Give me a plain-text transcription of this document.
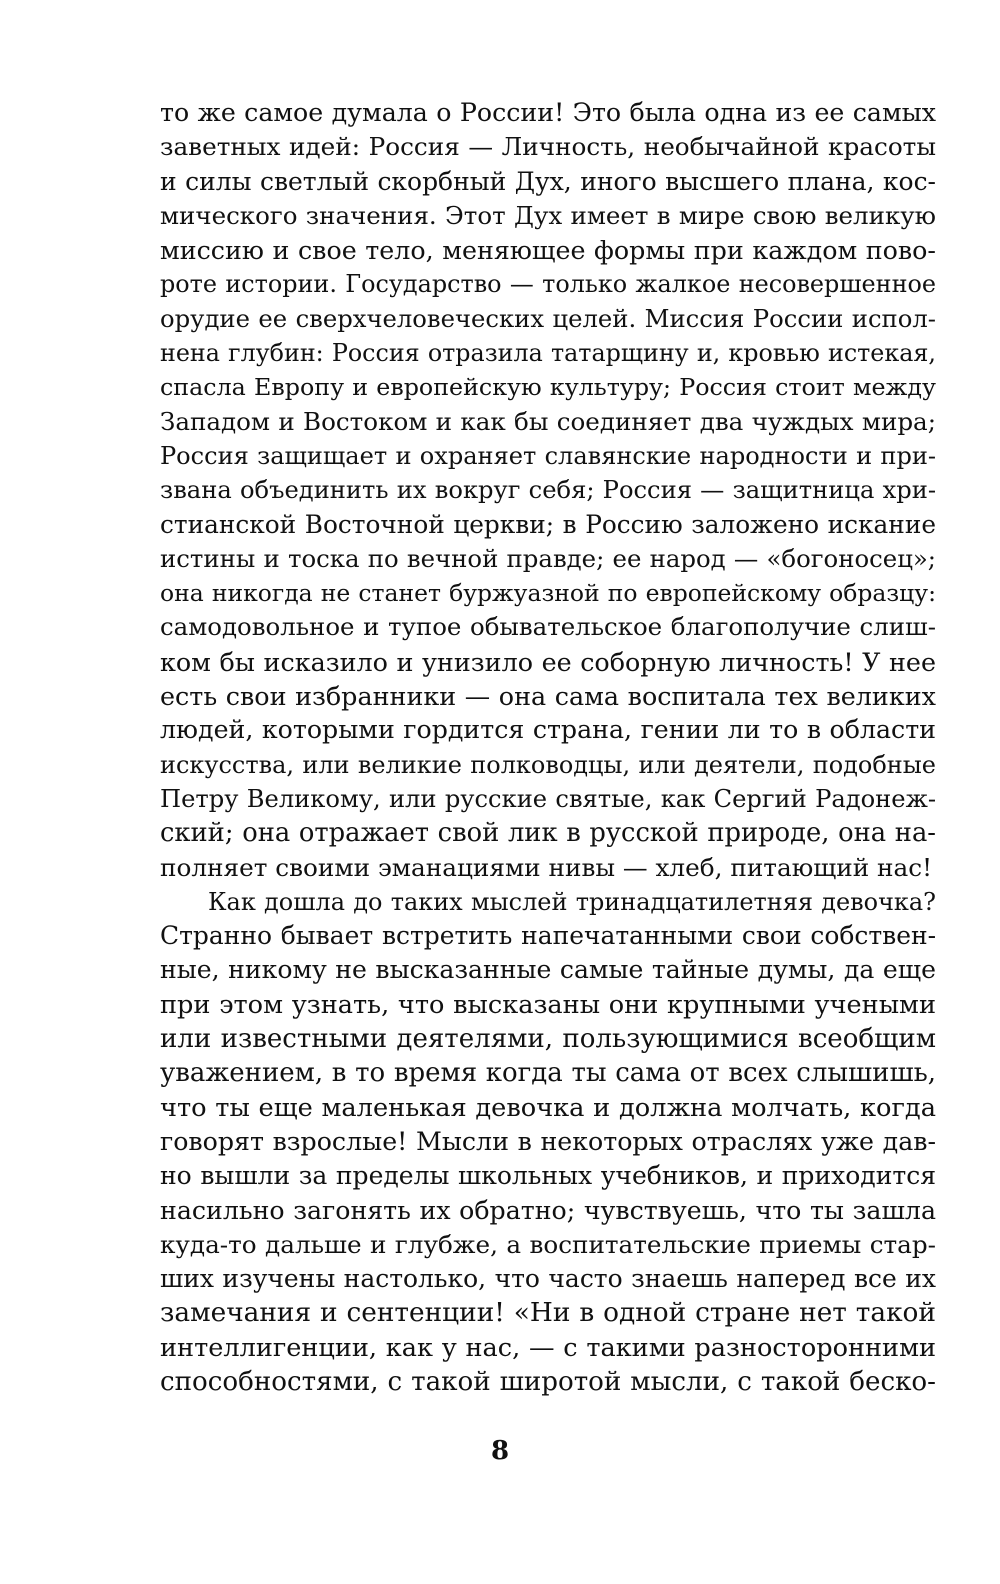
то же самое думала о России! Это была одна из ее самых
заветных идей: Россия — Личность, необычайной красоты
и силы светлый скорбный Дух, иного высшего плана, кос-
мического значения. Этот Дух имеет в мире свою великую
миссию и свое тело, меняющее формы при каждом пово-
роте истории. Государство — только жалкое несовершенное
орудие ее сверхчеловеческих целей. Миссия России испол-
нена глубин: Россия отразила татарщину и, кровью истекая,
спасла Европу и европейскую культуру; Россия стоит между
Западом и Востоком и как бы соединяет два чуждых мира;
Россия защищает и охраняет славянские народности и при-
звана объединить их вокруг себя; Россия — защитница хри-
стианской Восточной церкви; в Россию заложено искание
истины и тоска по вечной правде; ее народ — «богоносец»;
она никогда не станет буржуазной по европейскому образцу:
самодовольное и тупое обывательское благополучие слиш-
ком бы исказило и унизило ее соборную личность! У нее
есть свои избранники — она сама воспитала тех великих
людей, которыми гордится страна, гении ли то в области
искусства, или великие полководцы, или деятели, подобные
Петру Великому, или русские святые, как Сергий Радонеж-
ский; она отражает свой лик в русской природе, она на-
полняет своими эманациями нивы — хлеб, питающий нас!
Как дошла до таких мыслей тринадцатилетняя девочка?
Странно бывает встретить напечатанными свои собствен-
ные, никому не высказанные самые тайные думы, да еще
при этом узнать, что высказаны они крупными учеными
или известными деятелями, пользующимися всеобщим
уважением, в то время когда ты сама от всех слышишь,
что ты еще маленькая девочка и должна молчать, когда
говорят взрослые! Мысли в некоторых отраслях уже дав-
но вышли за пределы школьных учебников, и приходится
насильно загонять их обратно; чувствуешь, что ты зашла
куда-то дальше и глубже, а воспитательские приемы стар-
ших изучены настолько, что часто знаешь наперед все их
замечания и сентенции! «Ни в одной стране нет такой
интеллигенции, как у нас, — с такими разносторонними
способностями, с такой широтой мысли, с такой беско-
8
